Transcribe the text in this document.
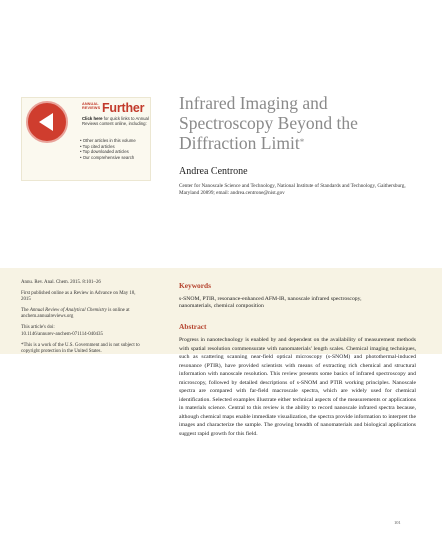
ANNUAL
REVIEWS Further
Click here for quick links to Annual Reviews content online, including:
• Other articles in this volume
• Top cited articles
• Top downloaded articles
• Our comprehensive search
Infrared Imaging and
Spectroscopy Beyond the
Diffraction Limit*
Andrea Centrone
Center for Nanoscale Science and Technology, National Institute of Standards and Technology, Gaithersburg, Maryland 20899; email: andrea.centrone@nist.gov

Annu. Rev. Anal. Chem. 2015. 8:101–26

First published online as a Review in Advance on May 18, 2015

The Annual Review of Analytical Chemistry is online at anchem.annualreviews.org

This article's doi:
10.1146/annurev-anchem-071114-040435

*This is a work of the U.S. Government and is not subject to copyright protection in the United States.

Keywords
s-SNOM, PTIR, resonance-enhanced AFM-IR, nanoscale infrared spectroscopy, nanomaterials, chemical composition
Abstract
Progress in nanotechnology is enabled by and dependent on the availability of measurement methods with spatial resolution commensurate with nanomaterials' length scales. Chemical imaging techniques, such as scattering scanning near-field optical microscopy (s-SNOM) and photothermal-induced resonance (PTIR), have provided scientists with means of extracting rich chemical and structural information with nanoscale resolution. This review presents some basics of infrared spectroscopy and microscopy, followed by detailed descriptions of s-SNOM and PTIR working principles. Nanoscale spectra are compared with far-field macroscale spectra, which are widely used for chemical identification. Selected examples illustrate either technical aspects of the measurements or applications in materials science. Central to this review is the ability to record nanoscale infrared spectra because, although chemical maps enable immediate visualization, the spectra provide information to interpret the images and characterize the sample. The growing breadth of nanomaterials and biological applications suggest rapid growth for this field.
101
